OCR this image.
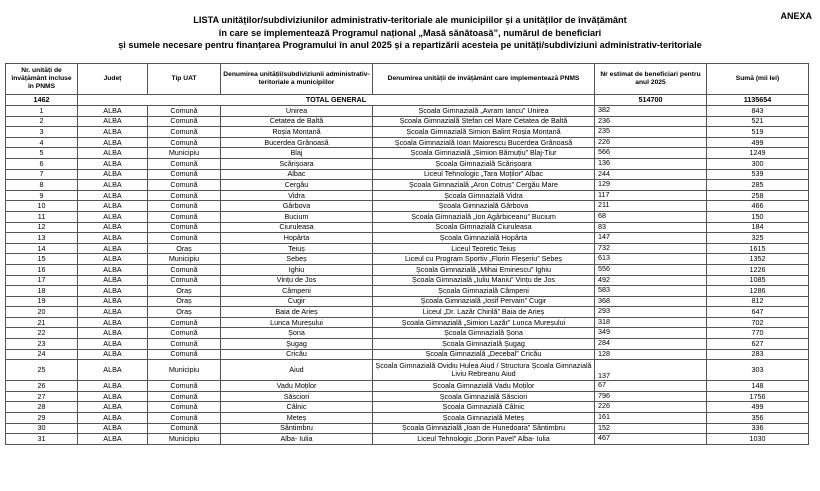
ANEXA
LISTA unităților/subdiviziunilor administrativ-teritoriale ale municipiilor și a unităților de învățământ
în care se implementează Programul național „Masă sănătoasă”, numărul de beneficiari
și sumele necesare pentru finanțarea Programului în anul 2025 și a repartizării acesteia pe unități/subdiviziuni administrativ-teritoriale
Nr. unități de învățământ incluse în PNMS	Județ	Tip UAT	Denumirea unității/subdiviziunii administrativ-teritoriale a municipiilor	Denumirea unității de învățământ care implementează PNMS	Nr estimat de beneficiari pentru anul 2025	Sumă (mii lei)
1462	TOTAL GENERAL				514700	1135654
1	ALBA	Comună	Unirea	Școala Gimnazială „Avram Iancu” Unirea	382	843
2	ALBA	Comună	Cetatea de Baltă	Școala Gimnazială Ștefan cel Mare Cetatea de Baltă	236	521
3	ALBA	Comună	Roșia Montană	Școala Gimnazială Simion Balint Roșia Montană	235	519
4	ALBA	Comună	Bucerdea Grânoasă	Școala Gimnazială Ioan Maiorescu Bucerdea Grânoasă	226	499
5	ALBA	Municipiu	Blaj	Școala Gimnazială „Simion Bărnuțiu” Blaj-Tiur	566	1249
6	ALBA	Comună	Scărișoara	Școala Gimnazială Scărișoara	136	300
7	ALBA	Comună	Albac	Liceul Tehnologic „Tara Moților” Albac	244	539
8	ALBA	Comună	Cergău	Școala Gimnazială „Aron Cotruș” Cergău Mare	129	285
9	ALBA	Comună	Vidra	Școala Gimnazială Vidra	117	258
10	ALBA	Comună	Gârbova	Școala Gimnazială Gârbova	211	466
11	ALBA	Comună	Bucium	Școala Gimnazială „Ion Agârbiceanu” Bucium	68	150
12	ALBA	Comună	Ciuruleasa	Școala Gimnazială Ciuruleasa	83	184
13	ALBA	Comună	Hopârta	Școala Gimnazială Hopârta	147	325
14	ALBA	Oraș	Teiuș	Liceul Teoretic Teiuș	732	1615
15	ALBA	Municipiu	Sebeș	Liceul cu Program Sportiv „Florin Fleșeriu” Sebeș	613	1352
16	ALBA	Comună	Ighiu	Școala Gimnazială „Mihai Eminescu” Ighiu	556	1226
17	ALBA	Comună	Vințu de Jos	Școala Gimnazială „Iuliu Maniu” Vințu de Jos	492	1085
18	ALBA	Oraș	Câmpeni	Școala Gimnazială Câmpeni	583	1286
19	ALBA	Oraș	Cugir	Școala Gimnazială „Iosif Pervain” Cugir	368	812
20	ALBA	Oraș	Baia de Arieș	Liceul „Dr. Lazăr Chirilă” Baia de Arieș	293	647
21	ALBA	Comună	Lunca Mureșului	Școala Gimnazială „Simion Lazăr” Lunca Mureșului	318	702
22	ALBA	Comună	Șona	Școala Gimnazială Șona	349	770
23	ALBA	Comună	Șugag	Școala Gimnazială Șugag	284	627
24	ALBA	Comună	Cricău	Școala Gimnazială „Decebal” Cricău	128	283
25	ALBA	Municipiu	Aiud	Școala Gimnazială Ovidiu Hulea Aiud / Structura Școala Gimnazială Liviu Rebreanu Aiud	137	303
26	ALBA	Comună	Vadu Moților	Școala Gimnazială Vadu Moților	67	148
27	ALBA	Comună	Săsciori	Școala Gimnazială Săsciori	796	1756
28	ALBA	Comună	Câlnic	Școala Gimnazială Câlnic	226	499
29	ALBA	Comună	Meteș	Școala Gimnazială Meteș	161	356
30	ALBA	Comună	Sântimbru	Școala Gimnazială „Ioan de Hunedoara” Sântimbru	152	336
31	ALBA	Municipiu	Alba- Iulia	Liceul Tehnologic „Dorin Pavel” Alba- Iulia	467	1030
